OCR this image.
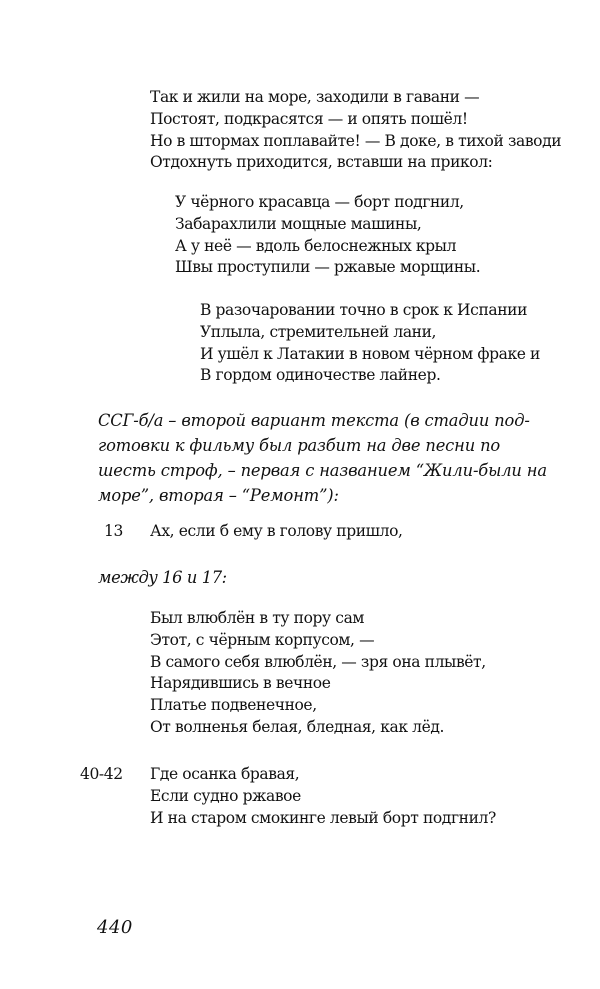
Так и жили на море, заходили в гавани —
Постоят, подкрасятся — и опять пошёл!
Но в штормах поплавайте! — В доке, в тихой заводи
Отдохнуть приходится, вставши на прикол:
У чёрного красавца — борт подгнил,
Забарахлили мощные машины,
А у неё — вдоль белоснежных крыл
Швы проступили — ржавые морщины.
В разочаровании точно в срок к Испании
Уплыла, стремительней лани,
И ушёл к Латакии в новом чёрном фраке и
В гордом одиночестве лайнер.
ССГ-б/а – второй вариант текста (в стадии под-
готовки к фильму был разбит на две песни по
шесть строф, – первая с названием “Жили-были на
море”, вторая – “Ремонт”):
13 Ах, если б ему в голову пришло,
между 16 и 17:
Был влюблён в ту пору сам
Этот, с чёрным корпусом, —
В самого себя влюблён, — зря она плывёт,
Нарядившись в вечное
Платье подвенечное,
От волненья белая, бледная, как лёд.
40-42 Где осанка бравая,
Если судно ржавое
И на старом смокинге левый борт подгнил?
440
